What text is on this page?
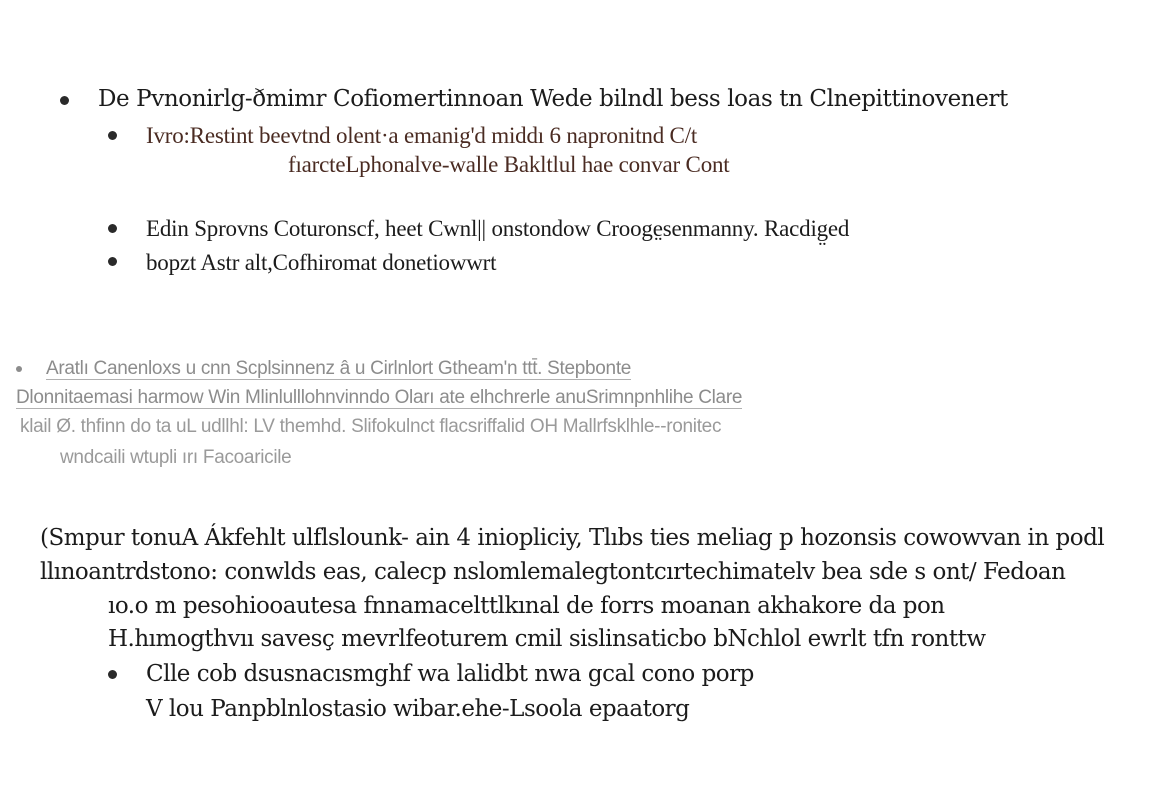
De Pvnonirlg-ðmimr Cofiomertinnoan Wede bilndl bess loas tn Clnepittinovenert
Ivro:Restint beevtnd olent·a emanig'd middı 6 napronitnd C/t
fıarcteLphonalve-walle Bakltlul hae convar Cont
Edin Sprovns Coturonscf, heet Cwnl|| onstondow Crooge̤senmanny. Racdig̤ed
bopzt Astr alt,Cofhiromat donetiowwrt
Aratlı Canenloxs u cnn Scplsinnenz â u Cirlnlort Gtheam'n ttt̄. Stepbonte
Dlonnitaemasi harmow Win Mlinlulllohnvinndo Oları ate elhchrerle anuSrimnpnhlihe Clare
klail Ø. thfinn do ta uL udllhl: LV themhd. Slifokulnct flacsriffalid OH Mallrfsklhle--ronitec
wndcaili wtupli ırı Facoaricile
(Smpur tonuA Ákfehlt ulflslounk- ain 4 iniopliciy, Tlıbs ties meliag p hozonsis cowowvan in podl
llınoantrdstono: conwlds eas, calecp nslomlemalegtontcırtechimatelv bea sde s ont/ Fedoan
ıo.o m pesohiooautesa fnnamacelttlkınal de forrs moanan akhakore da pon
H.hımogthvıı savesç mevrlfeoturem cmil sislinsaticbo bNchlol ewrlt tfn ronttw
Clle cob dsusnacısmghf wa lalidbt nwa gcal cono porp
V lou Panpblnlostasio wibar.ehe-Lsoola epaatorg
